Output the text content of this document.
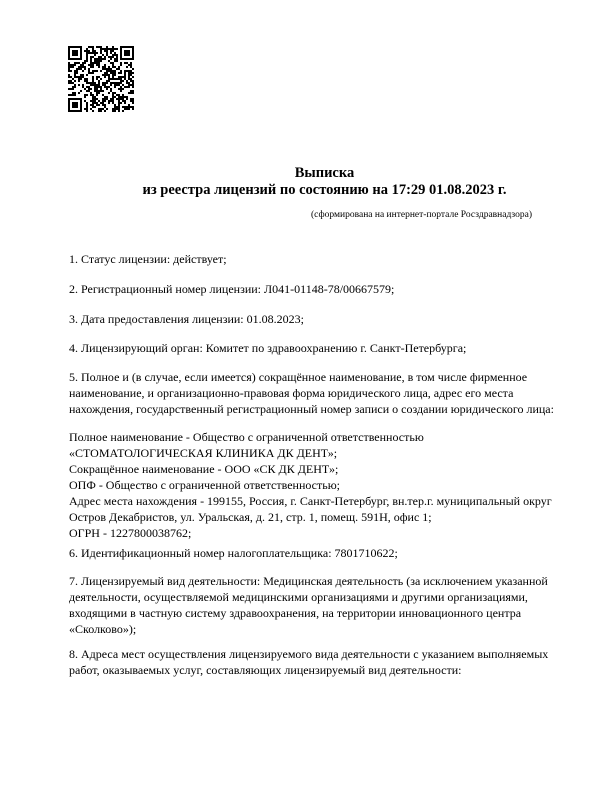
Выписка
из реестра лицензий по состоянию на 17:29 01.08.2023 г.
(сформирована на интернет-портале Росздравнадзора)
1. Статус лицензии: действует;
2. Регистрационный номер лицензии: Л041-01148-78/00667579;
3. Дата предоставления лицензии: 01.08.2023;
4. Лицензирующий орган: Комитет по здравоохранению г. Санкт-Петербурга;
5. Полное и (в случае, если имеется) сокращённое наименование, в том числе фирменное
наименование, и организационно-правовая форма юридического лица, адрес его места
нахождения, государственный регистрационный номер записи о создании юридического лица:
Полное наименование - Общество с ограниченной ответственностью
«СТОМАТОЛОГИЧЕСКАЯ КЛИНИКА ДК ДЕНТ»;
Сокращённое наименование - ООО «СК ДК ДЕНТ»;
ОПФ - Общество с ограниченной ответственностью;
Адрес места нахождения - 199155, Россия, г. Санкт-Петербург, вн.тер.г. муниципальный округ
Остров Декабристов, ул. Уральская, д. 21, стр. 1, помещ. 591Н, офис 1;
ОГРН - 1227800038762;
6. Идентификационный номер налогоплательщика: 7801710622;
7. Лицензируемый вид деятельности: Медицинская деятельность (за исключением указанной
деятельности, осуществляемой медицинскими организациями и другими организациями,
входящими в частную систему здравоохранения, на территории инновационного центра
«Сколково»);
8. Адреса мест осуществления лицензируемого вида деятельности с указанием выполняемых
работ, оказываемых услуг, составляющих лицензируемый вид деятельности:
